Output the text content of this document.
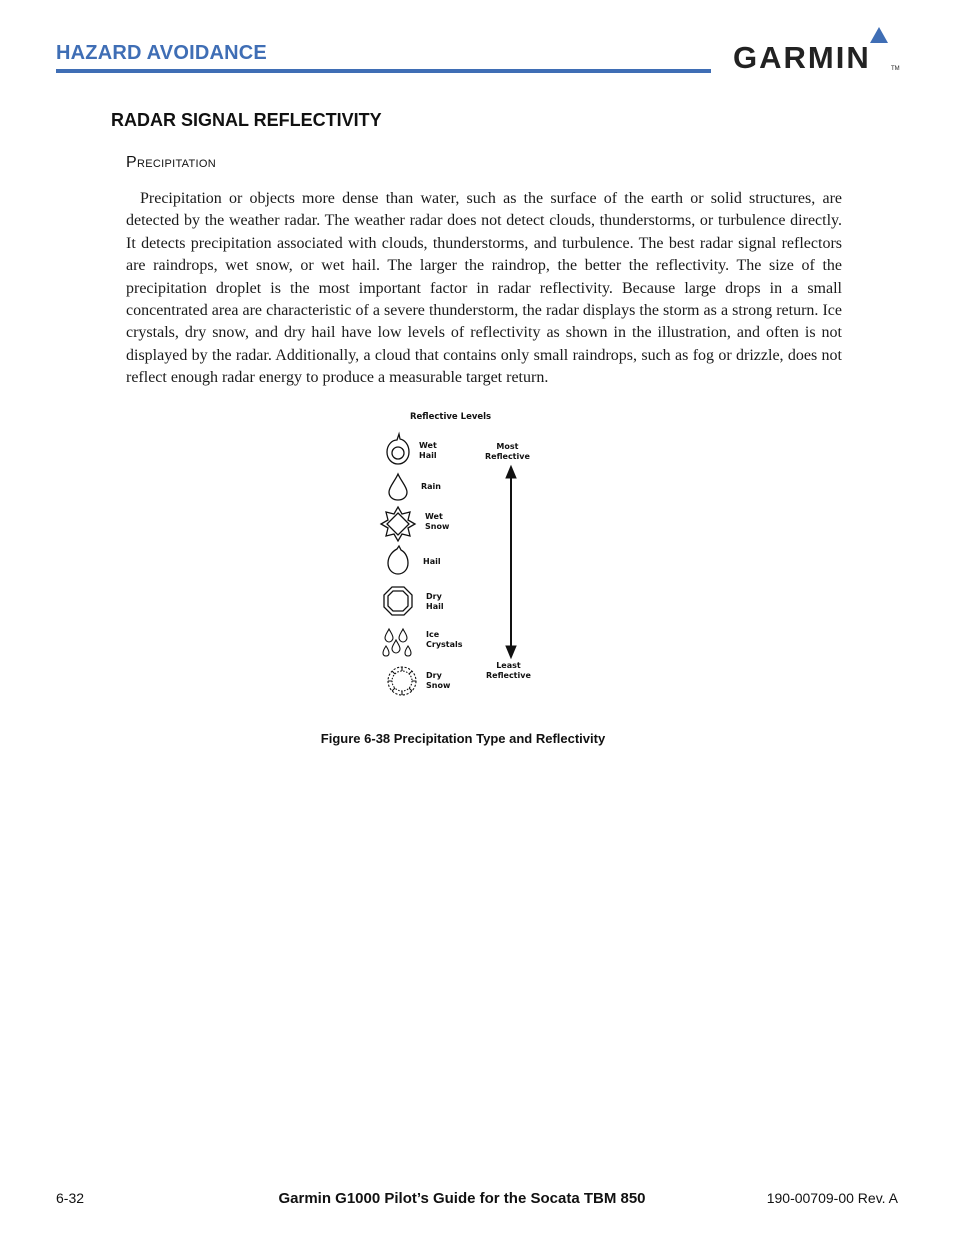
HAZARD AVOIDANCE	GARMIN	TM
RADAR SIGNAL REFLECTIVITY
Precipitation

Precipitation or objects more dense than water, such as the surface of the earth or solid structures, are detected by the weather radar. The weather radar does not detect clouds, thunderstorms, or turbulence directly. It detects precipitation associated with clouds, thunderstorms, and turbulence. The best radar signal reflectors are raindrops, wet snow, or wet hail. The larger the raindrop, the better the reflectivity. The size of the precipitation droplet is the most important factor in radar reflectivity. Because large drops in a small concentrated area are characteristic of a severe thunderstorm, the radar displays the storm as a strong return. Ice crystals, dry snow, and dry hail have low levels of reflectivity as shown in the illustration, and often is not displayed by the radar. Additionally, a cloud that contains only small raindrops, such as fog or drizzle, does not reflect enough radar energy to produce a measurable target return.

Reflective Levels
Wet
Hail
Rain
Wet
Snow
Hail
Dry
Hail
Ice
Crystals
Dry
Snow
Most
Reflective
Least
Reflective
Figure 6-38 Precipitation Type and Reflectivity
6-32	Garmin G1000 Pilot’s Guide for the Socata TBM 850	190-00709-00 Rev. A
